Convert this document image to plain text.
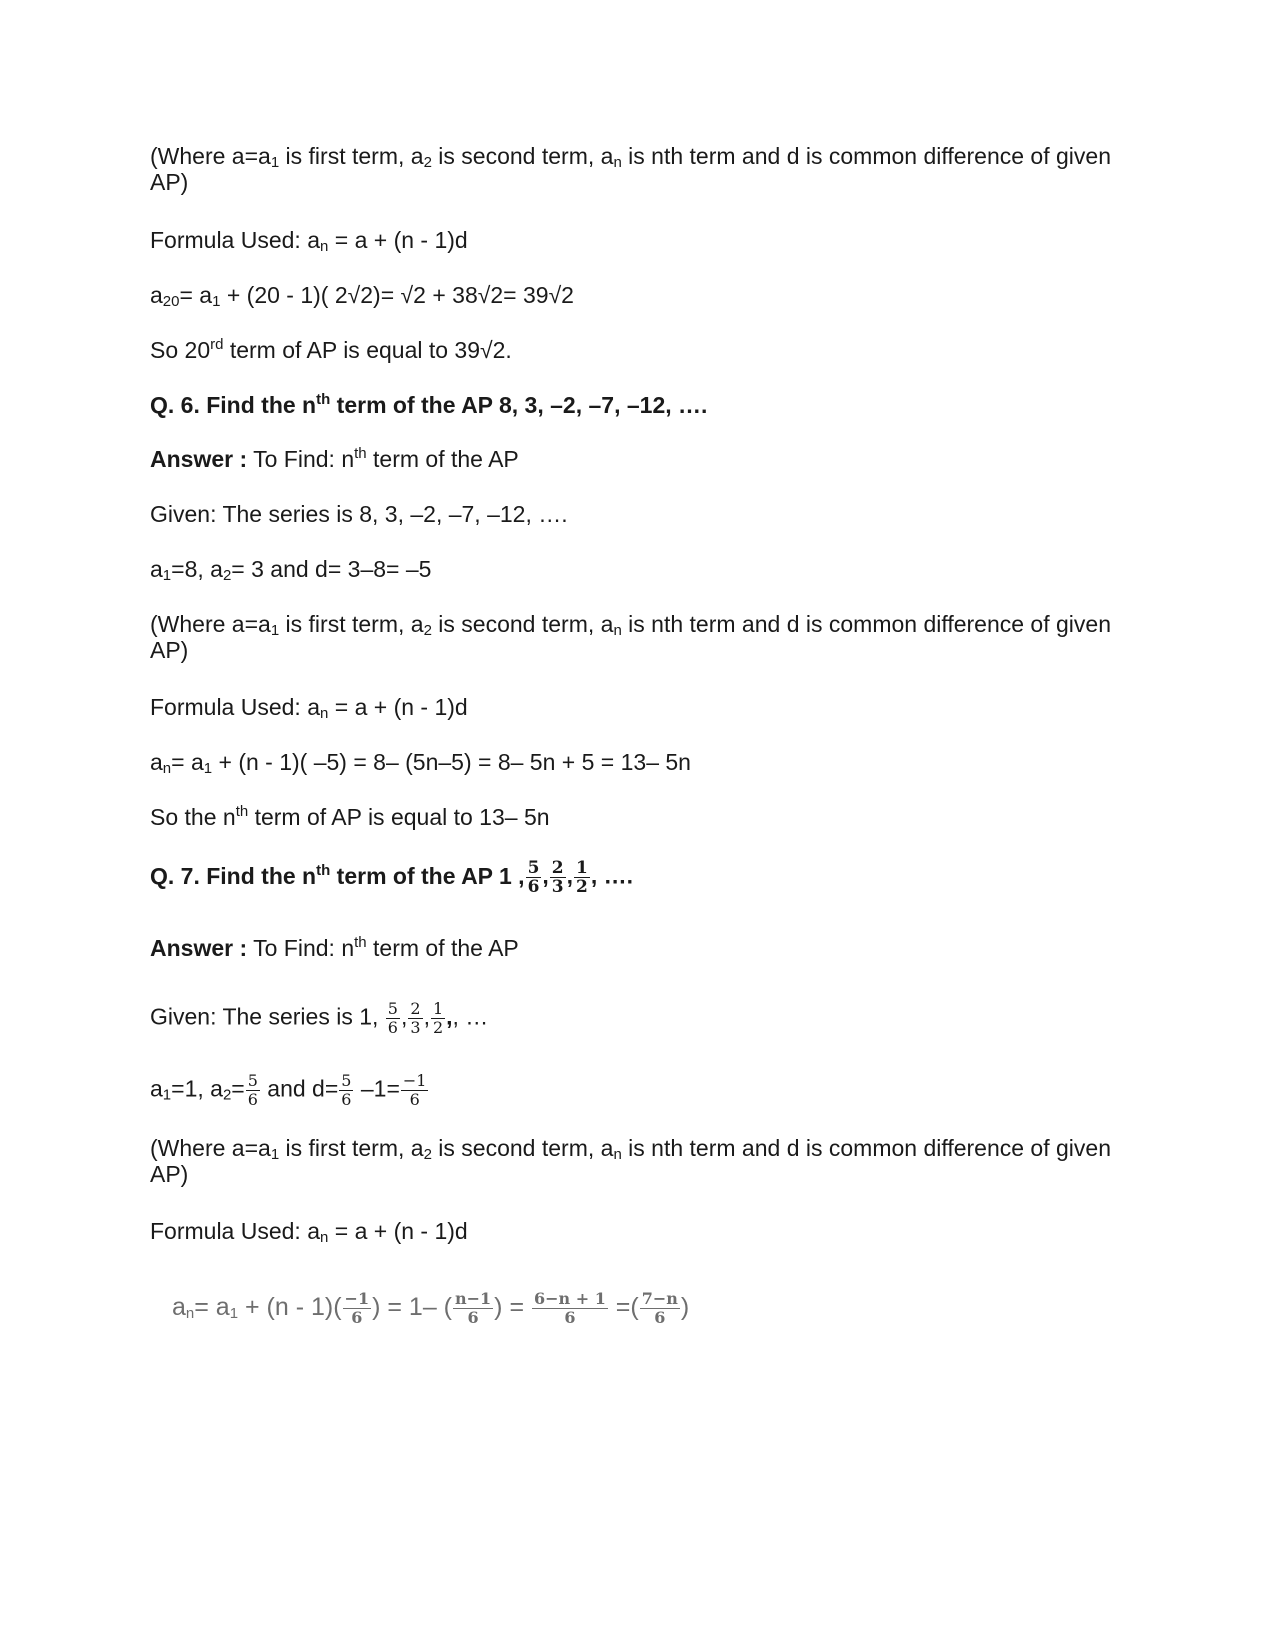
(Where $a=a_1$ is first term, $a_2$ is second term, $a_n$ is nth term and d is common difference of given AP)
Formula Used: $a_n = a + (n - 1)d$
$a_{20}= a_1 + (20 - 1)$( 2√2)= √2 + 38√2= 39√2
So 20rd term of AP is equal to 39√2.
Q. 6. Find the $n^{th}$ term of the AP 8, 3, –2, –7, –12, ….
Answer : To Find: $n^{th}$ term of the AP
Given: The series is 8, 3, –2, –7, –12, ….
$a_1=8$, $a_2= 3$ and d= 3–8= –5
(Where $a=a_1$ is first term, $a_2$ is second term, $a_n$ is nth term and d is common difference of given AP)
Formula Used: $a_n = a + (n - 1)d$
$a_n= a_1 + (n - 1)$( –5) = 8– (5n–5) = 8– 5n + 5 = 13– 5n
So the $n^{th}$ term of AP is equal to 13– 5n
Q. 7. Find the $n^{th}$ term of the AP 1 , $\frac{5}{6}$ , $\frac{2}{3}$ , $\frac{1}{2}$ , ….
Answer : To Find: $n^{th}$ term of the AP
Given: The series is 1, $\frac{5}{6}$ , $\frac{2}{3}$ , $\frac{1}{2}$ ,, …
$a_1=1$, $a_2= \frac{5}{6}$ and $d= \frac{5}{6} -1= \frac{-1}{6}$
(Where $a=a_1$ is first term, $a_2$ is second term, $a_n$ is nth term and d is common difference of given AP)
Formula Used: $a_n = a + (n - 1)d$
$a_n= a_1 + (n - 1)( \frac{-1}{6}$ ) = 1– ( $\frac{n-1}{6}$ ) = $\frac{6-n + 1}{6}$ =( $\frac{7-n}{6}$ )
